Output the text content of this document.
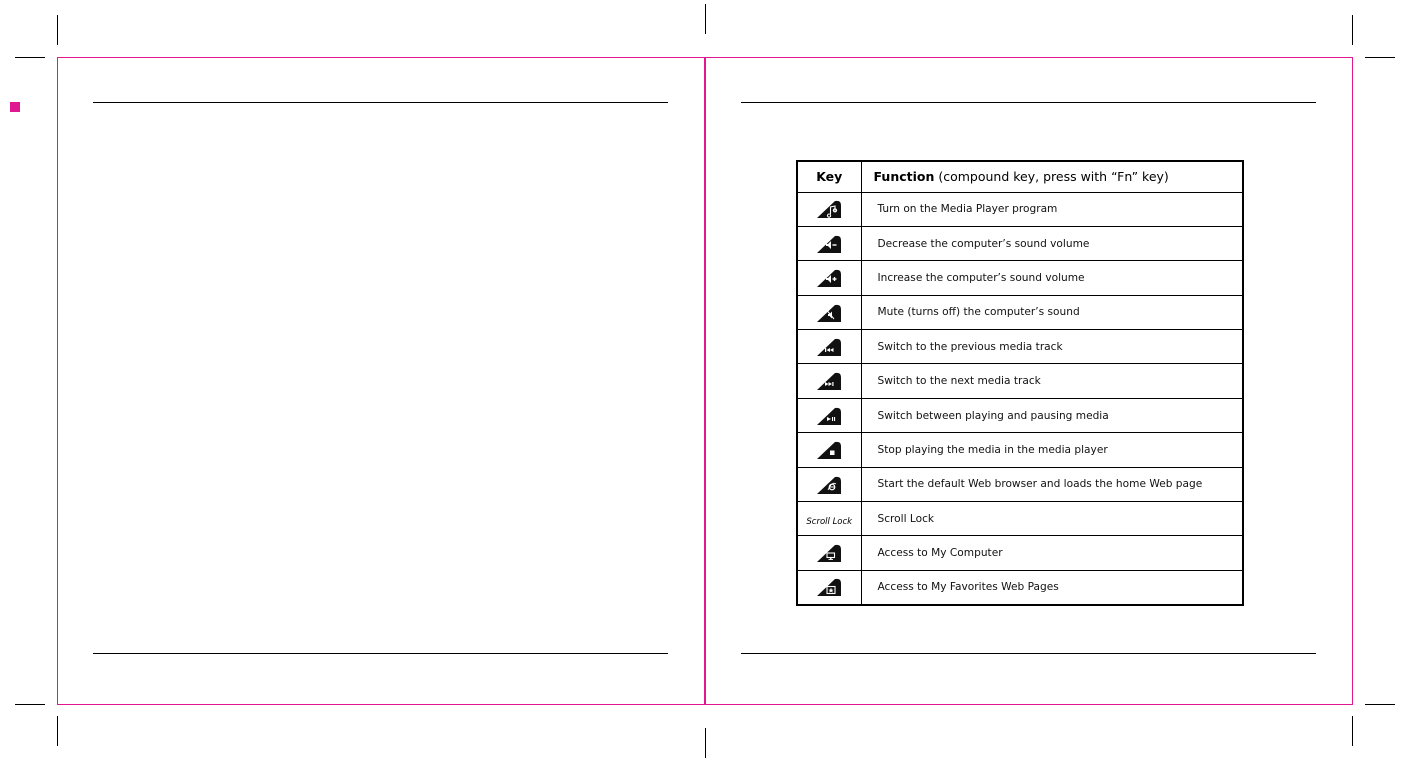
Key	Function (compound key, press with “Fn” key)

	Turn on the Media Player program

	Decrease the computer’s sound volume

	Increase the computer’s sound volume

	Mute (turns off) the computer’s sound

	Switch to the previous media track

	Switch to the next media track

	Switch between playing and pausing media

	Stop playing the media in the media player

	Start the default Web browser and loads the home Web page
Scroll Lock	Scroll Lock

	Access to My Computer

	Access to My Favorites Web Pages
